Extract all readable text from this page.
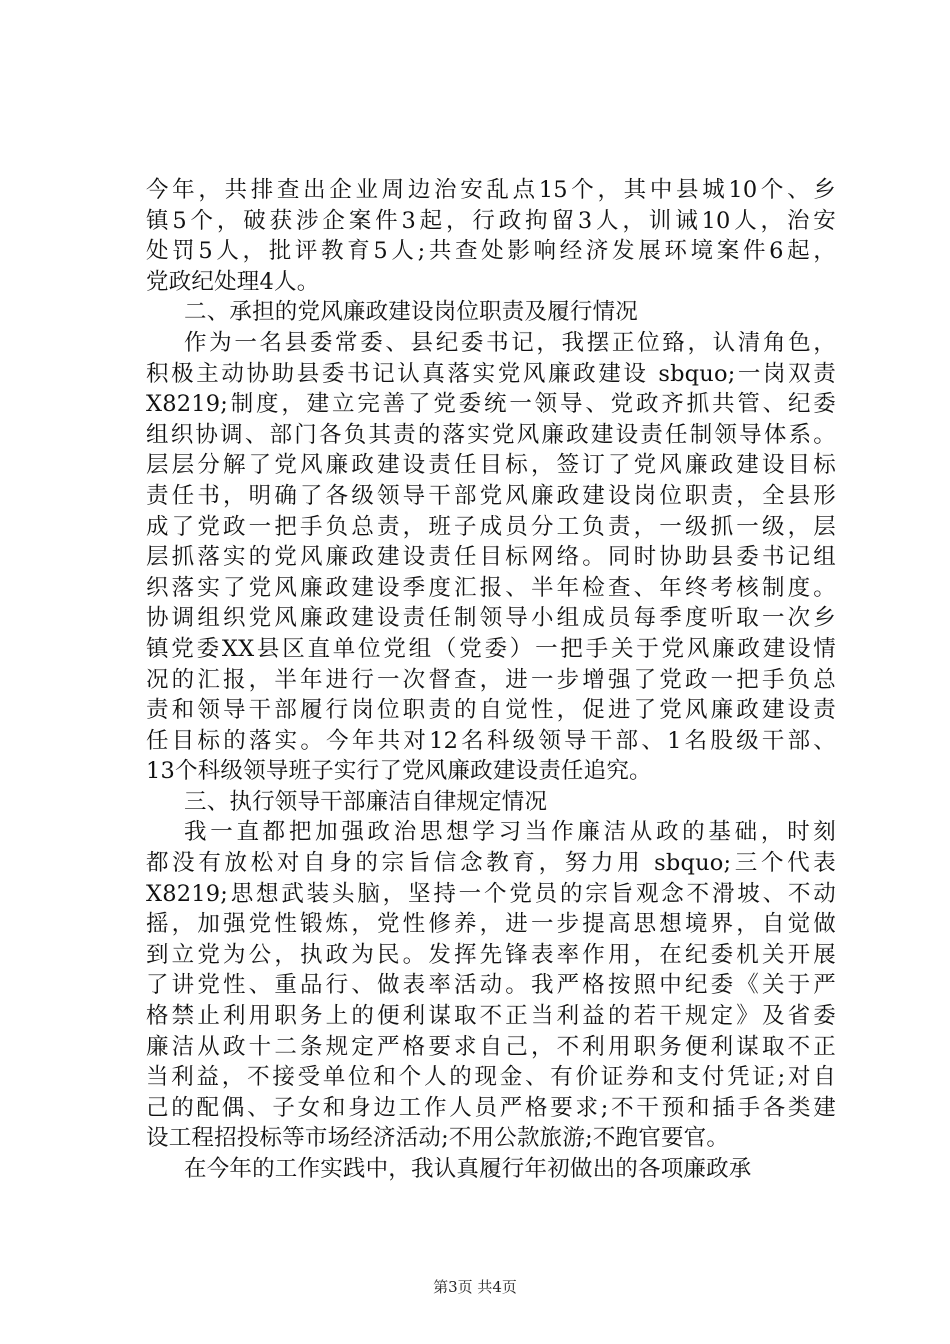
今年，共排查出企业周边治安乱点15个，其中县城10个、乡
镇5个，破获涉企案件3起，行政拘留3人，训诫10人，治安
处罚5人，批评教育5人;共查处影响经济发展环境案件6起，
党政纪处理4人。
二、承担的党风廉政建设岗位职责及履行情况
作为一名县委常委、县纪委书记，我摆正位臵，认清角色，
积极主动协助县委书记认真落实党风廉政建设 sbquo;一岗双责
X8219;制度，建立完善了党委统一领导、党政齐抓共管、纪委
组织协调、部门各负其责的落实党风廉政建设责任制领导体系。
层层分解了党风廉政建设责任目标，签订了党风廉政建设目标
责任书，明确了各级领导干部党风廉政建设岗位职责，全县形
成了党政一把手负总责，班子成员分工负责，一级抓一级，层
层抓落实的党风廉政建设责任目标网络。同时协助县委书记组
织落实了党风廉政建设季度汇报、半年检查、年终考核制度。
协调组织党风廉政建设责任制领导小组成员每季度听取一次乡
镇党委XX县区直单位党组（党委）一把手关于党风廉政建设情
况的汇报，半年进行一次督查，进一步增强了党政一把手负总
责和领导干部履行岗位职责的自觉性，促进了党风廉政建设责
任目标的落实。今年共对12名科级领导干部、1名股级干部、
13个科级领导班子实行了党风廉政建设责任追究。
三、执行领导干部廉洁自律规定情况
我一直都把加强政治思想学习当作廉洁从政的基础，时刻
都没有放松对自身的宗旨信念教育，努力用 sbquo;三个代表
X8219;思想武装头脑，坚持一个党员的宗旨观念不滑坡、不动
摇，加强党性锻炼，党性修养，进一步提高思想境界，自觉做
到立党为公，执政为民。发挥先锋表率作用，在纪委机关开展
了讲党性、重品行、做表率活动。我严格按照中纪委《关于严
格禁止利用职务上的便利谋取不正当利益的若干规定》及省委
廉洁从政十二条规定严格要求自己，不利用职务便利谋取不正
当利益，不接受单位和个人的现金、有价证券和支付凭证;对自
己的配偶、子女和身边工作人员严格要求;不干预和插手各类建
设工程招投标等市场经济活动;不用公款旅游;不跑官要官。
在今年的工作实践中，我认真履行年初做出的各项廉政承
第3页 共4页
